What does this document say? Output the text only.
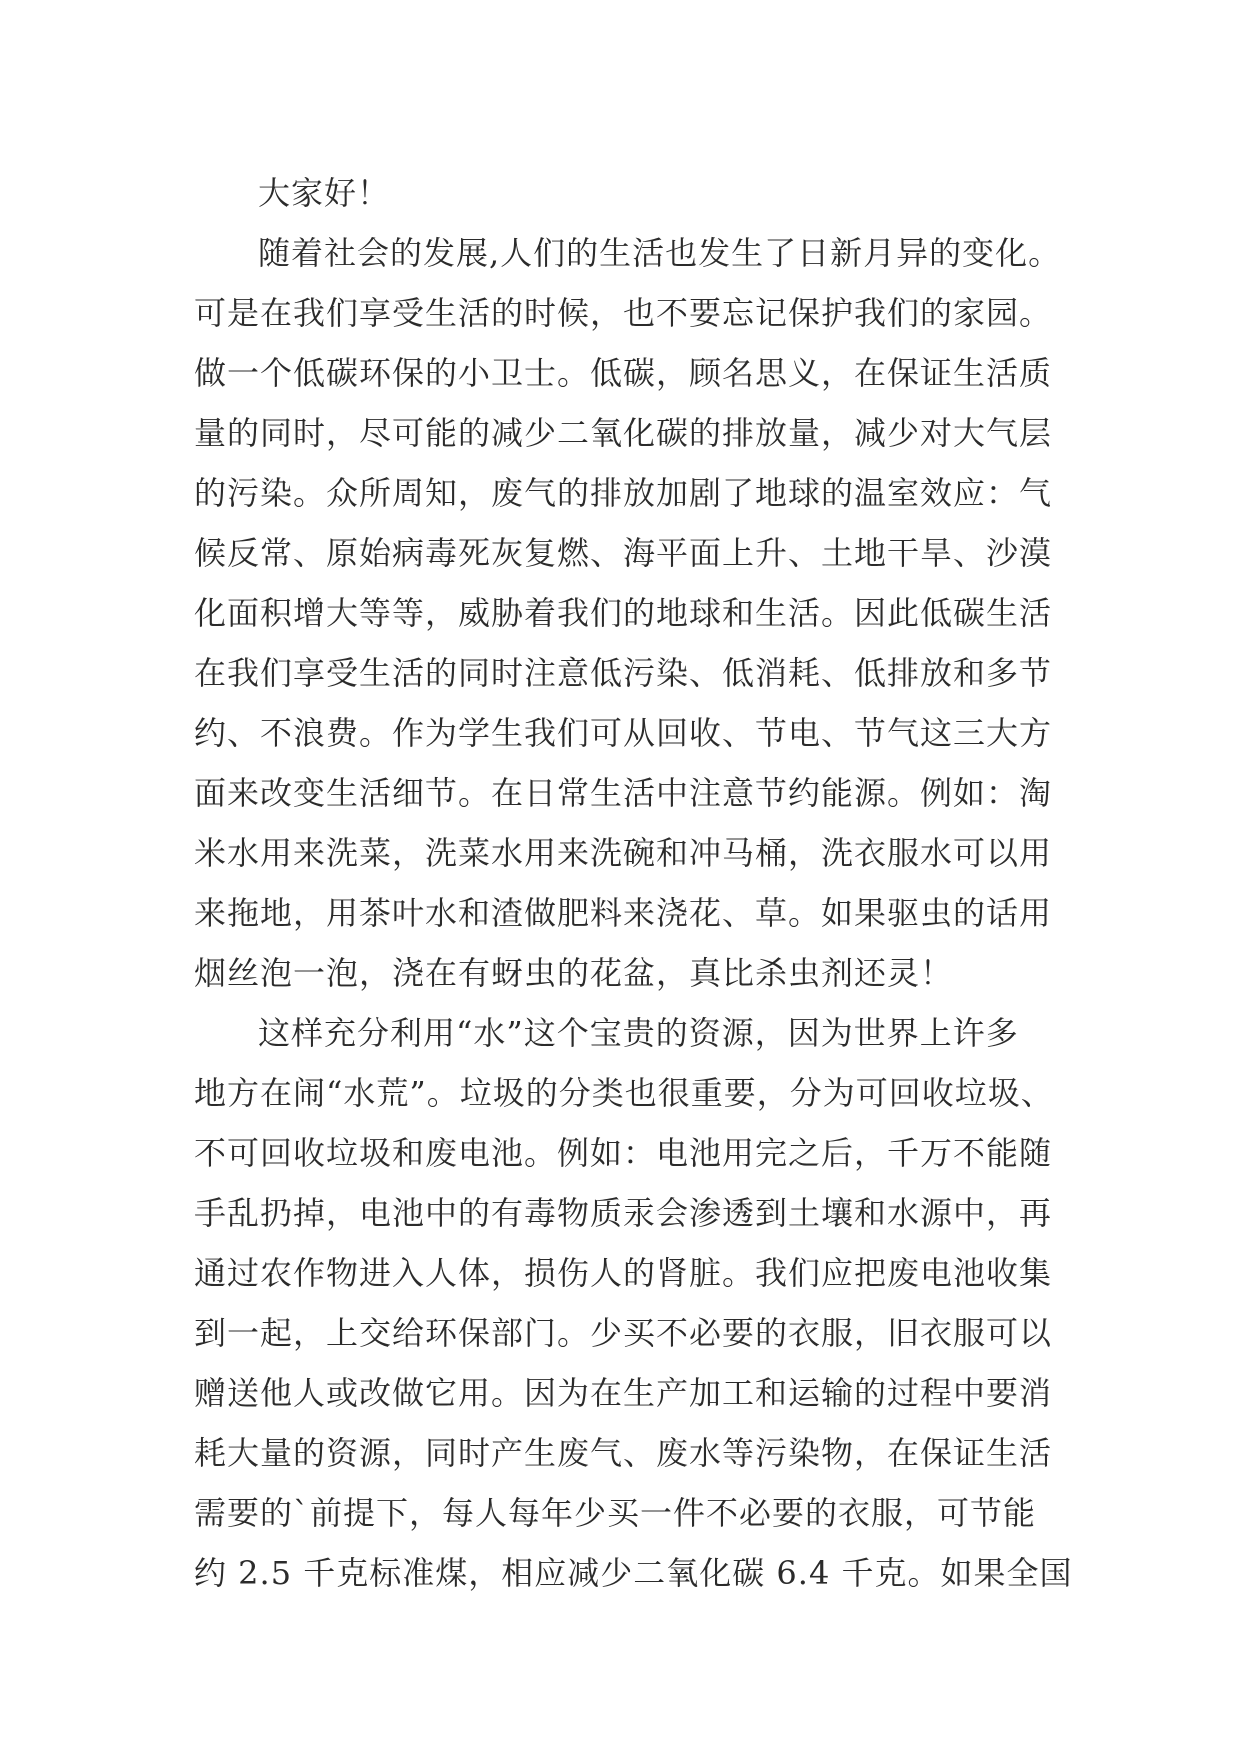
大家好！
随着社会的发展,人们的生活也发生了日新月异的变化。
可是在我们享受生活的时候，也不要忘记保护我们的家园。
做一个低碳环保的小卫士。低碳，顾名思义，在保证生活质
量的同时，尽可能的减少二氧化碳的排放量，减少对大气层
的污染。众所周知，废气的排放加剧了地球的温室效应：气
候反常、原始病毒死灰复燃、海平面上升、土地干旱、沙漠
化面积增大等等，威胁着我们的地球和生活。因此低碳生活
在我们享受生活的同时注意低污染、低消耗、低排放和多节
约、不浪费。作为学生我们可从回收、节电、节气这三大方
面来改变生活细节。在日常生活中注意节约能源。例如：淘
米水用来洗菜，洗菜水用来洗碗和冲马桶，洗衣服水可以用
来拖地，用茶叶水和渣做肥料来浇花、草。如果驱虫的话用
烟丝泡一泡，浇在有蚜虫的花盆，真比杀虫剂还灵！
这样充分利用“水”这个宝贵的资源，因为世界上许多
地方在闹“水荒”。垃圾的分类也很重要，分为可回收垃圾、
不可回收垃圾和废电池。例如：电池用完之后，千万不能随
手乱扔掉，电池中的有毒物质汞会渗透到土壤和水源中，再
通过农作物进入人体，损伤人的肾脏。我们应把废电池收集
到一起，上交给环保部门。少买不必要的衣服，旧衣服可以
赠送他人或改做它用。因为在生产加工和运输的过程中要消
耗大量的资源，同时产生废气、废水等污染物，在保证生活
需要的`前提下，每人每年少买一件不必要的衣服，可节能
约 2.5 千克标准煤，相应减少二氧化碳 6.4 千克。如果全国
